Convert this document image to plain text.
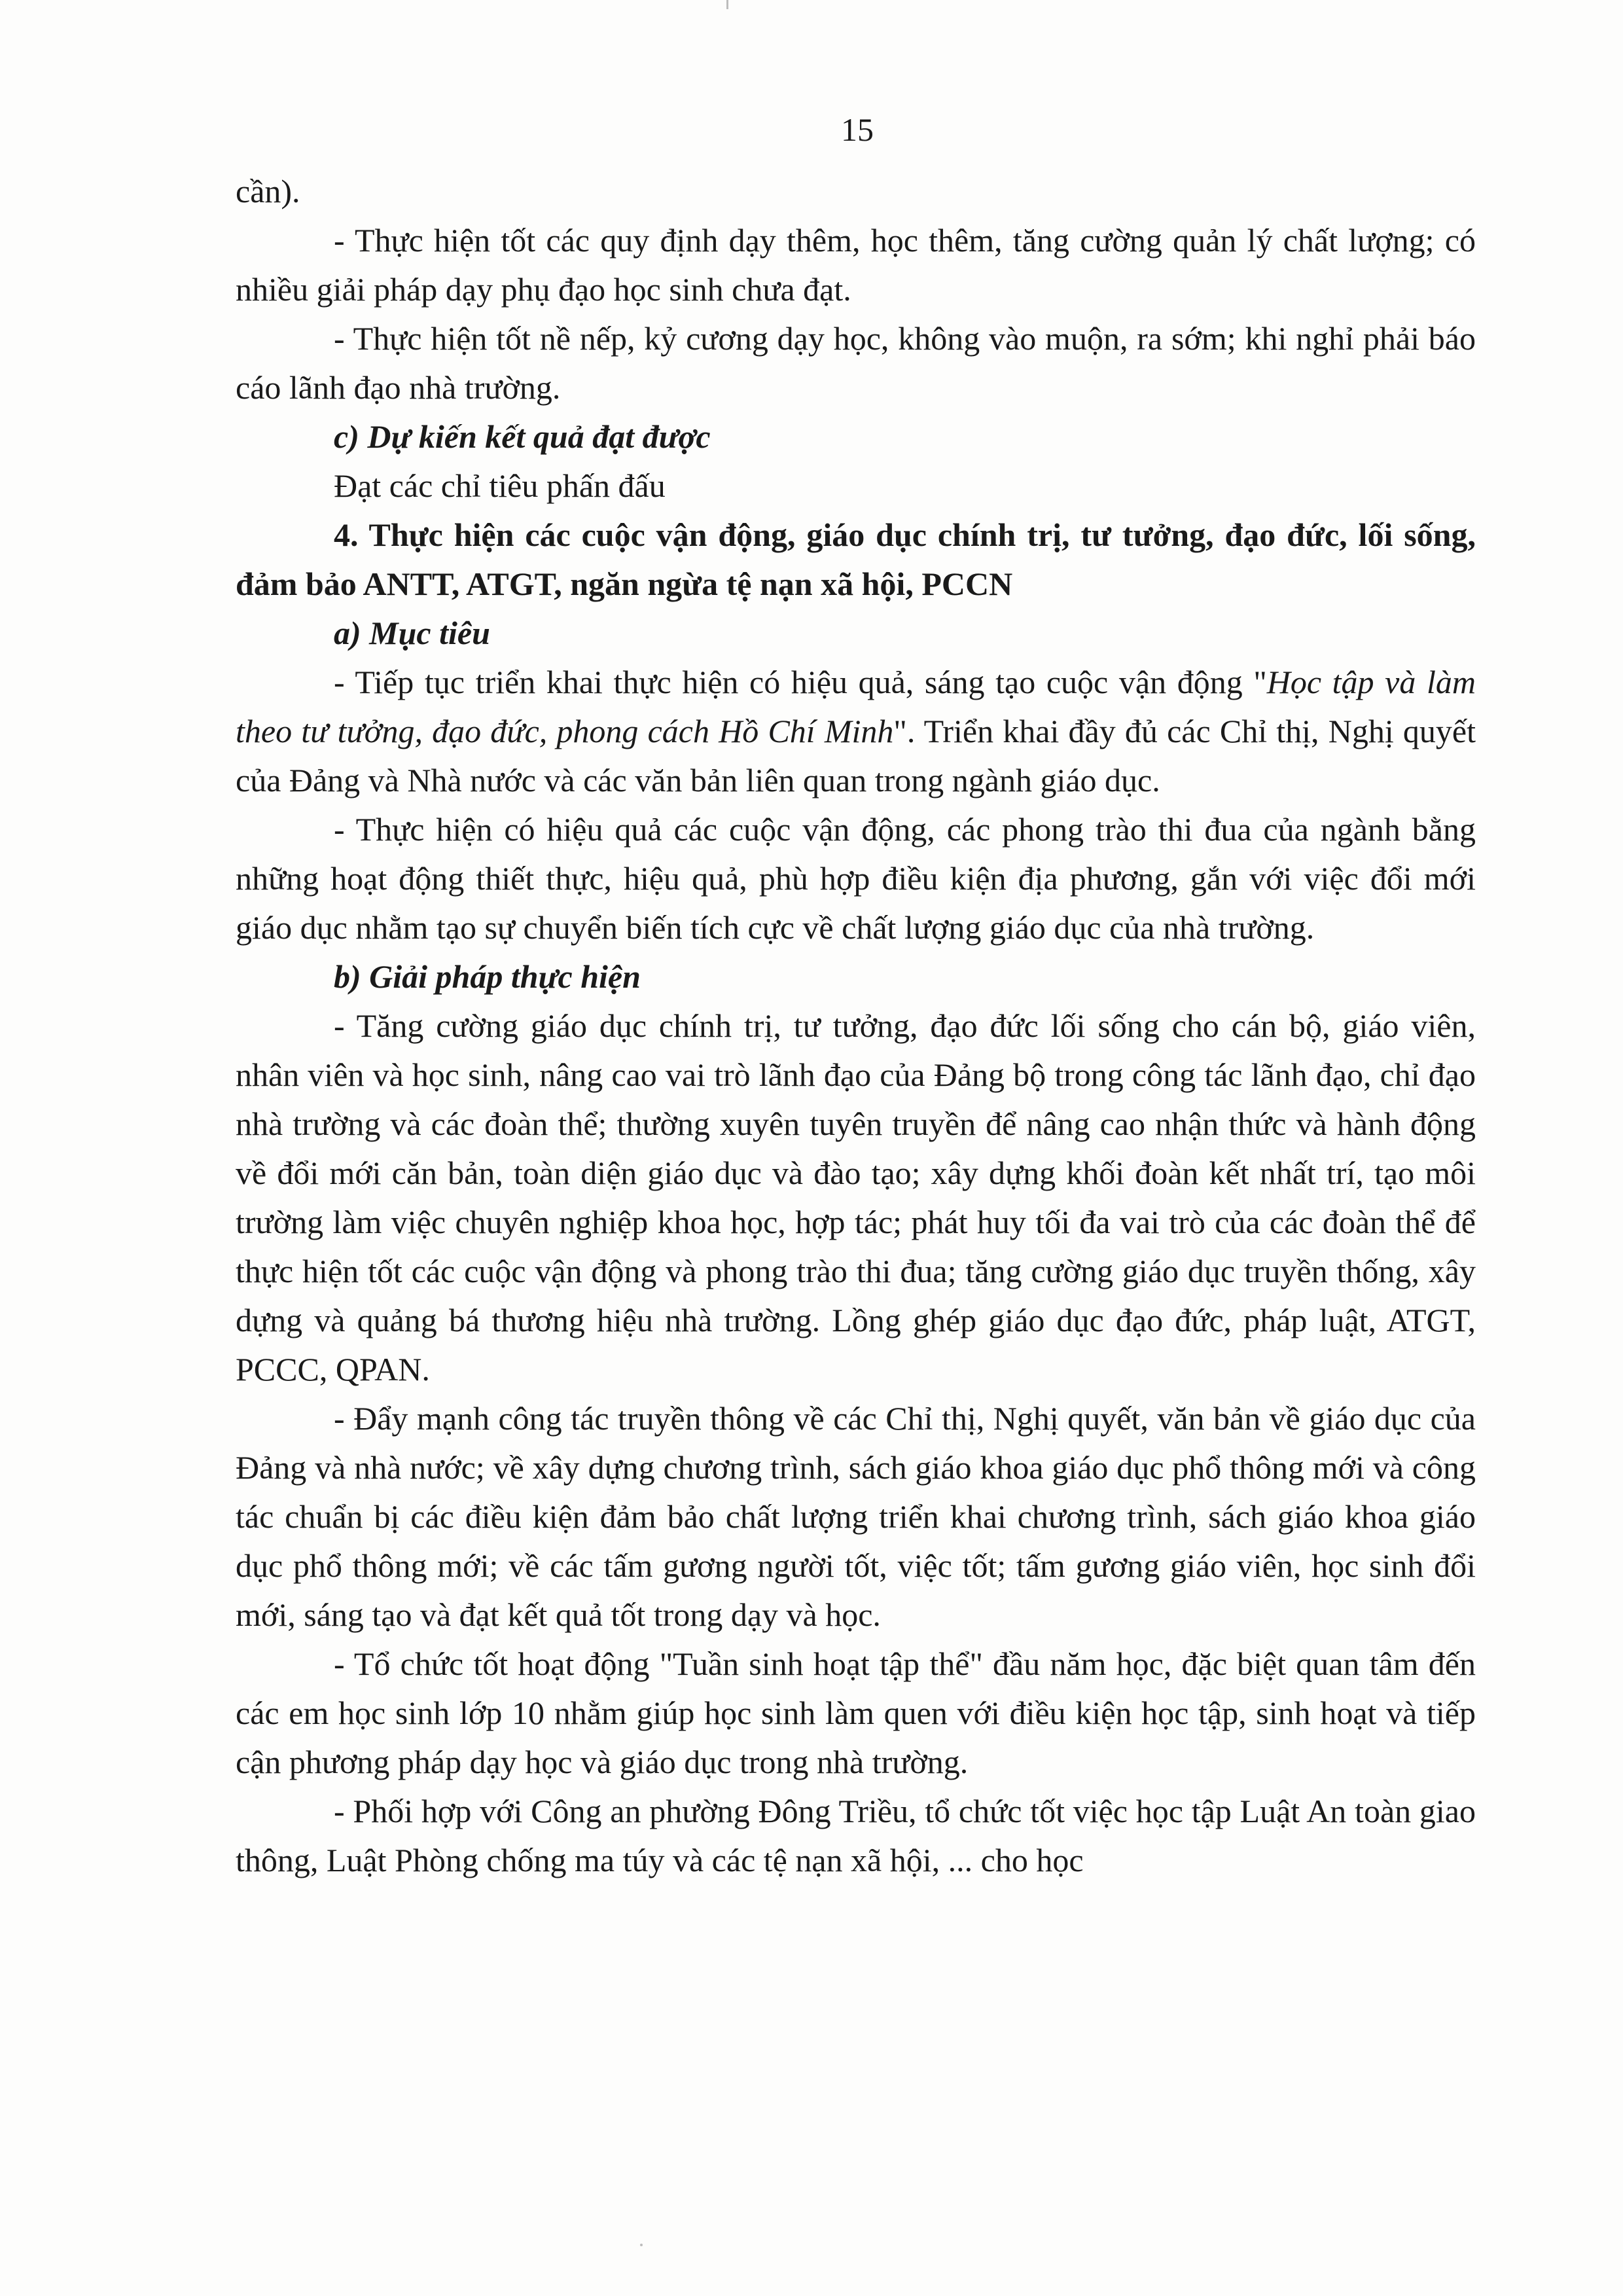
15

cần).

- Thực hiện tốt các quy định dạy thêm, học thêm, tăng cường quản lý chất lượng; có nhiều giải pháp dạy phụ đạo học sinh chưa đạt.

- Thực hiện tốt nề nếp, kỷ cương dạy học, không vào muộn, ra sớm; khi nghỉ phải báo cáo lãnh đạo nhà trường.

c) Dự kiến kết quả đạt được

Đạt các chỉ tiêu phấn đấu

4. Thực hiện các cuộc vận động, giáo dục chính trị, tư tưởng, đạo đức, lối sống, đảm bảo ANTT, ATGT, ngăn ngừa tệ nạn xã hội, PCCN

a) Mục tiêu

- Tiếp tục triển khai thực hiện có hiệu quả, sáng tạo cuộc vận động "Học tập và làm theo tư tưởng, đạo đức, phong cách Hồ Chí Minh". Triển khai đầy đủ các Chỉ thị, Nghị quyết của Đảng và Nhà nước và các văn bản liên quan trong ngành giáo dục.

- Thực hiện có hiệu quả các cuộc vận động, các phong trào thi đua của ngành bằng những hoạt động thiết thực, hiệu quả, phù hợp điều kiện địa phương, gắn với việc đổi mới giáo dục nhằm tạo sự chuyển biến tích cực về chất lượng giáo dục của nhà trường.

b) Giải pháp thực hiện

- Tăng cường giáo dục chính trị, tư tưởng, đạo đức lối sống cho cán bộ, giáo viên, nhân viên và học sinh, nâng cao vai trò lãnh đạo của Đảng bộ trong công tác lãnh đạo, chỉ đạo nhà trường và các đoàn thể; thường xuyên tuyên truyền để nâng cao nhận thức và hành động về đổi mới căn bản, toàn diện giáo dục và đào tạo; xây dựng khối đoàn kết nhất trí, tạo môi trường làm việc chuyên nghiệp khoa học, hợp tác; phát huy tối đa vai trò của các đoàn thể để thực hiện tốt các cuộc vận động và phong trào thi đua; tăng cường giáo dục truyền thống, xây dựng và quảng bá thương hiệu nhà trường. Lồng ghép giáo dục đạo đức, pháp luật, ATGT, PCCC, QPAN.

- Đẩy mạnh công tác truyền thông về các Chỉ thị, Nghị quyết, văn bản về giáo dục của Đảng và nhà nước; về xây dựng chương trình, sách giáo khoa giáo dục phổ thông mới và công tác chuẩn bị các điều kiện đảm bảo chất lượng triển khai chương trình, sách giáo khoa giáo dục phổ thông mới; về các tấm gương người tốt, việc tốt; tấm gương giáo viên, học sinh đổi mới, sáng tạo và đạt kết quả tốt trong dạy và học.

- Tổ chức tốt hoạt động "Tuần sinh hoạt tập thể" đầu năm học, đặc biệt quan tâm đến các em học sinh lớp 10 nhằm giúp học sinh làm quen với điều kiện học tập, sinh hoạt và tiếp cận phương pháp dạy học và giáo dục trong nhà trường.

- Phối hợp với Công an phường Đông Triều, tổ chức tốt việc học tập Luật An toàn giao thông, Luật Phòng chống ma túy và các tệ nạn xã hội, ... cho học
